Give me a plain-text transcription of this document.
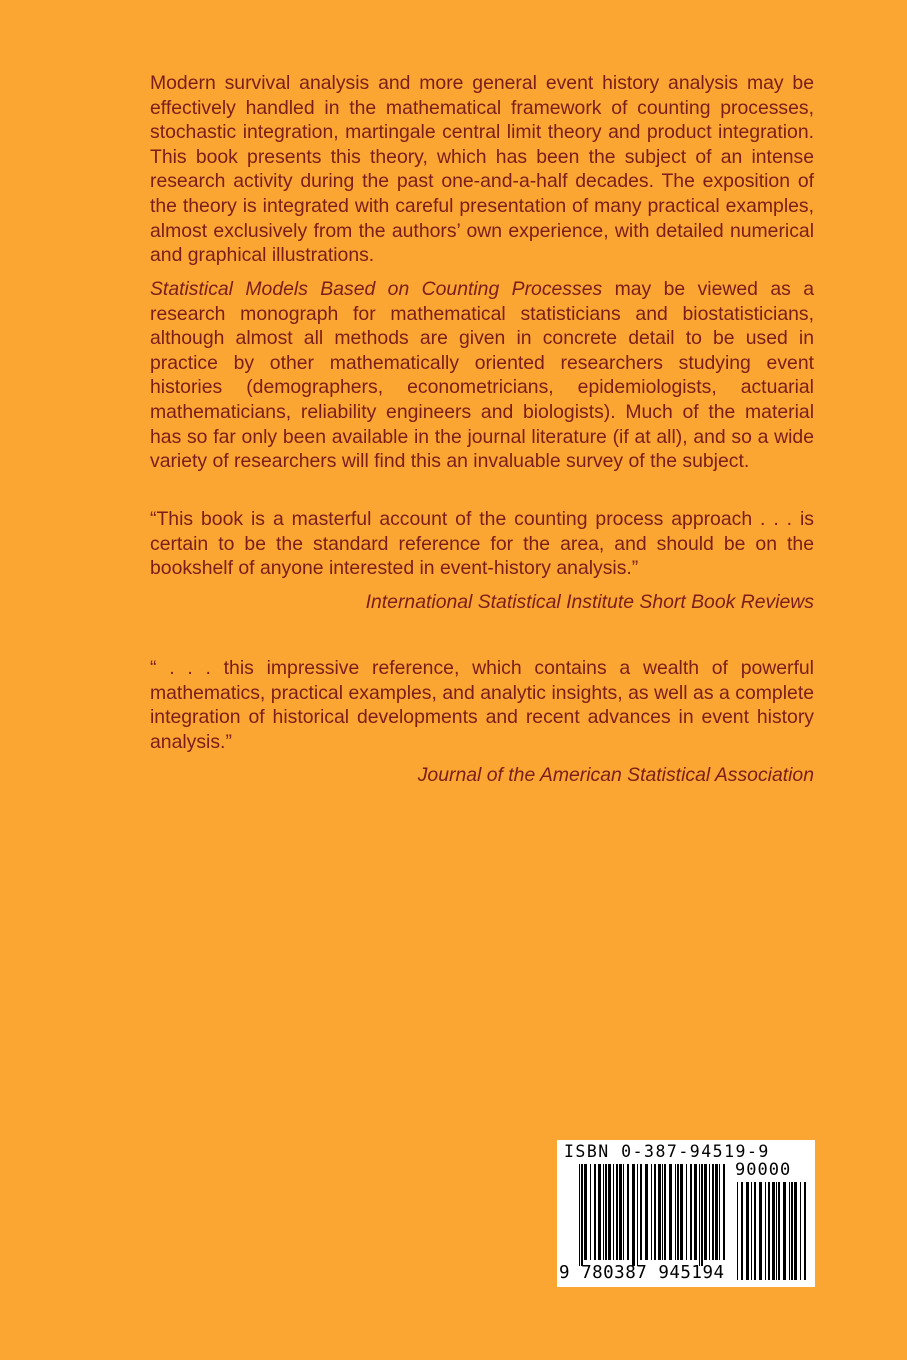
Modern survival analysis and more general event history analysis may be effectively handled in the mathematical framework of counting processes, stochastic integration, martingale central limit theory and product integration. This book presents this theory, which has been the subject of an intense research activity during the past one-and-a-half decades. The exposition of the theory is integrated with careful presentation of many practical examples, almost exclusively from the authors’ own experience, with detailed numerical and graphical illustrations.

Statistical Models Based on Counting Processes may be viewed as a research monograph for mathematical statisticians and biostatisticians, although almost all methods are given in concrete detail to be used in practice by other mathematically oriented researchers studying event histories (demographers, econometricians, epidemiologists, actuarial mathematicians, reliability engineers and biologists). Much of the material has so far only been available in the journal literature (if at all), and so a wide variety of researchers will find this an invaluable survey of the subject.

“This book is a masterful account of the counting process approach . . . is certain to be the standard reference for the area, and should be on the bookshelf of anyone interested in event-history analysis.”

International Statistical Institute Short Book Reviews

“ . . . this impressive reference, which contains a wealth of powerful mathematics, practical examples, and analytic insights, as well as a complete integration of historical developments and recent advances in event history analysis.”

Journal of the American Statistical Association

ISBN 0-387-94519-9
90000
9 780387 945194
